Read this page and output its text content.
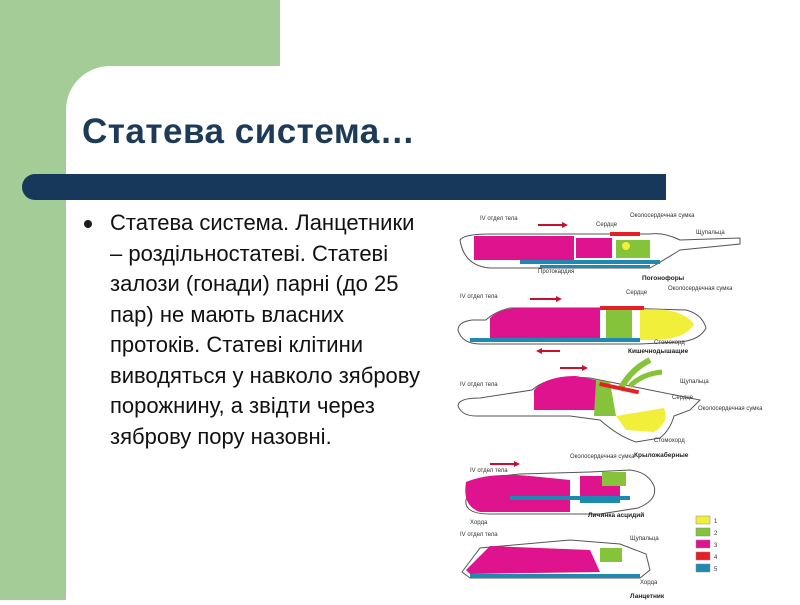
Статева система…

Статева система. Ланцетники – роздільностатеві. Статеві залози (гонади) парні (до 25 пар) не мають власних протоків. Статеві клітини виводяться у навколо зяброву порожнину, а звідти через зяброву пору назовні.

IV отдел тела
Сердце
Околосердечная сумка
Щупальца
Протокардия
Погонофоры
IV отдел тела
Сердце
Околосердечная сумка
Стомохорд
Кишечнодышащие
IV отдел тела	Щупальца
Сердце
Околосердечная сумка
Стомохорд
Крыложаберные
IV отдел тела
Околосердечная сумка
Хорда
Личинка асцидий
IV отдел тела
Щупальца
Хорда
Ланцетник
1
2
3
4
5
